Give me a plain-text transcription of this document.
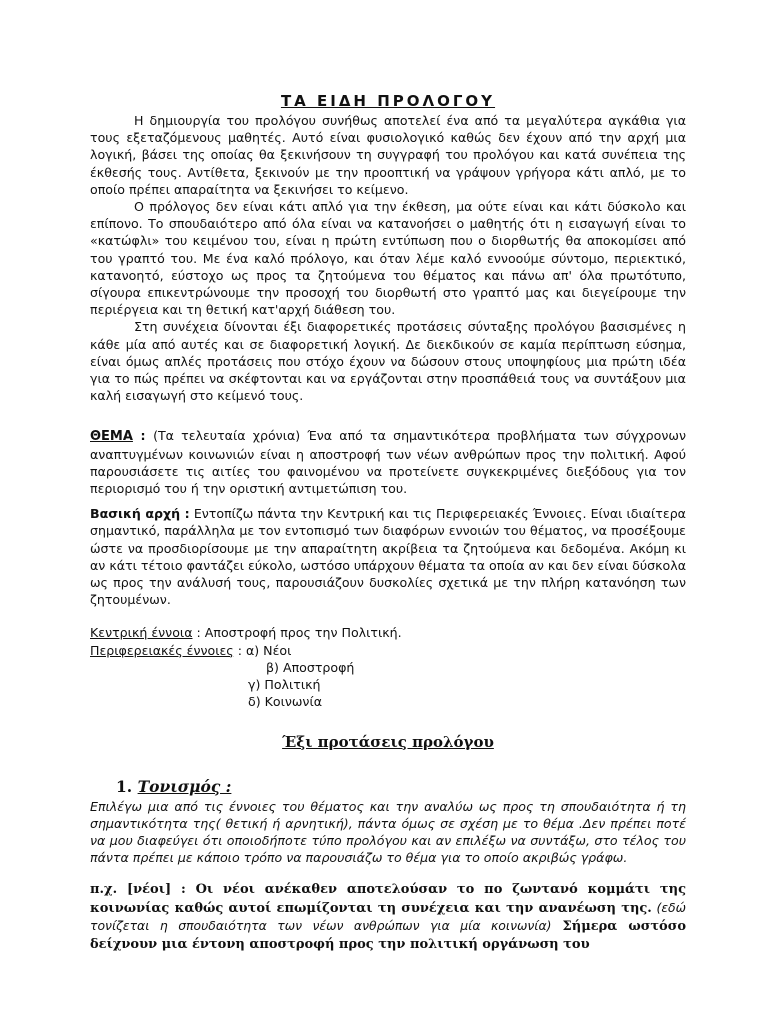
ΤΑ ΕΙΔΗ ΠΡΟΛΟΓΟΥ

Η δημιουργία του προλόγου συνήθως αποτελεί ένα από τα μεγαλύτερα αγκάθια για τους εξεταζόμενους μαθητές. Αυτό είναι φυσιολογικό καθώς δεν έχουν από την αρχή μια λογική, βάσει της οποίας θα ξεκινήσουν τη συγγραφή του προλόγου και κατά συνέπεια της έκθεσής τους. Αντίθετα, ξεκινούν με την προοπτική να γράψουν γρήγορα κάτι απλό, με το οποίο πρέπει απαραίτητα να ξεκινήσει το κείμενο.

Ο πρόλογος δεν είναι κάτι απλό για την έκθεση, μα ούτε είναι και κάτι δύσκολο και επίπονο. Το σπουδαιότερο από όλα είναι να κατανοήσει ο μαθητής ότι η εισαγωγή είναι το «κατώφλι» του κειμένου του, είναι η πρώτη εντύπωση που ο διορθωτής θα αποκομίσει από του γραπτό του. Με ένα καλό πρόλογο, και όταν λέμε καλό εννοούμε σύντομο, περιεκτικό, κατανοητό, εύστοχο ως προς τα ζητούμενα του θέματος και πάνω απ' όλα πρωτότυπο, σίγουρα επικεντρώνουμε την προσοχή του διορθωτή στο γραπτό μας και διεγείρουμε την περιέργεια και τη θετική κατ'αρχή διάθεση του.

Στη συνέχεια δίνονται έξι διαφορετικές προτάσεις σύνταξης προλόγου βασισμένες η κάθε μία από αυτές και σε διαφορετική λογική. Δε διεκδικούν σε καμία περίπτωση εύσημα, είναι όμως απλές προτάσεις που στόχο έχουν να δώσουν στους υποψηφίους μια πρώτη ιδέα για το πώς πρέπει να σκέφτονται και να εργάζονται στην προσπάθειά τους να συντάξουν μια καλή εισαγωγή στο κείμενό τους.

ΘΕΜΑ : (Τα τελευταία χρόνια) Ένα από τα σημαντικότερα προβλήματα των σύγχρονων αναπτυγμένων κοινωνιών είναι η αποστροφή των νέων ανθρώπων προς την πολιτική. Αφού παρουσιάσετε τις αιτίες του φαινομένου να προτείνετε συγκεκριμένες διεξόδους για τον περιορισμό του ή την οριστική αντιμετώπιση του.

Βασική αρχή : Εντοπίζω πάντα την Κεντρική και τις Περιφερειακές Έννοιες. Είναι ιδιαίτερα σημαντικό, παράλληλα με τον εντοπισμό των διαφόρων εννοιών του θέματος, να προσέξουμε ώστε να προσδιορίσουμε με την απαραίτητη ακρίβεια τα ζητούμενα και δεδομένα. Ακόμη κι αν κάτι τέτοιο φαντάζει εύκολο, ωστόσο υπάρχουν θέματα τα οποία αν και δεν είναι δύσκολα ως προς την ανάλυσή τους, παρουσιάζουν δυσκολίες σχετικά με την πλήρη κατανόηση των ζητουμένων.

Κεντρική έννοια : Αποστροφή προς την Πολιτική.

Περιφερειακές έννοιες : α) Νέοι

β) Αποστροφή

γ) Πολιτική

δ) Κοινωνία

Έξι προτάσεις προλόγου
1. Τονισμός :

Επιλέγω μια από τις έννοιες του θέματος και την αναλύω ως προς τη σπουδαιότητα ή τη σημαντικότητα της( θετική ή αρνητική), πάντα όμως σε σχέση με το θέμα .Δεν πρέπει ποτέ να μου διαφεύγει ότι οποιοδήποτε τύπο προλόγου και αν επιλέξω να συντάξω, στο τέλος του πάντα πρέπει με κάποιο τρόπο να παρουσιάζω το θέμα για το οποίο ακριβώς γράφω.

π.χ. [νέοι] : Οι νέοι ανέκαθεν αποτελούσαν το πο ζωντανό κομμάτι της κοινωνίας καθώς αυτοί επωμίζονται τη συνέχεια και την ανανέωση της. (εδώ τονίζεται η σπουδαιότητα των νέων ανθρώπων για μία κοινωνία) Σήμερα ωστόσο δείχνουν μια έντονη αποστροφή προς την πολιτική οργάνωση του
